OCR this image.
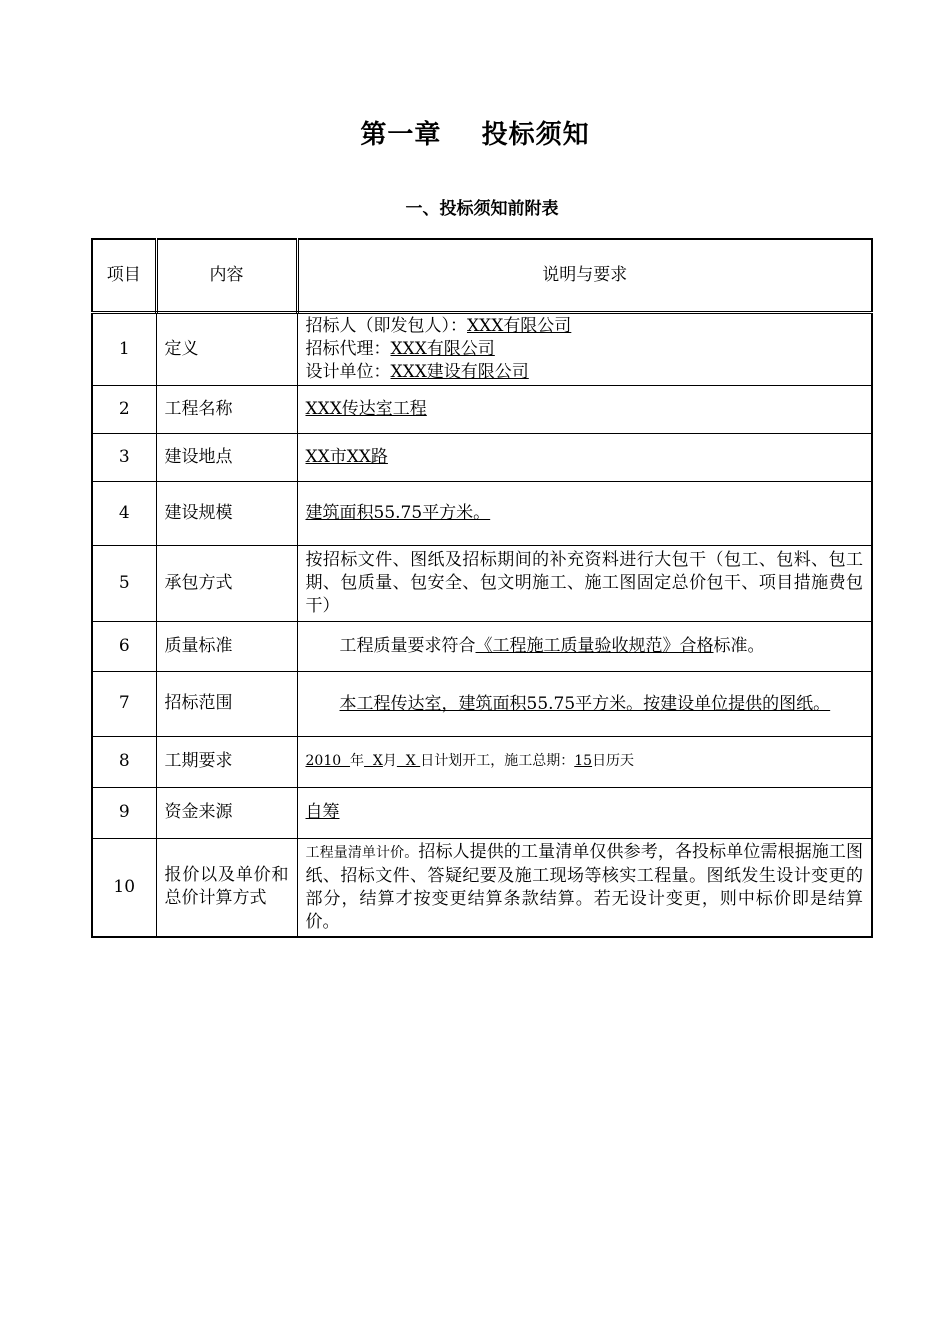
第一章    投标须知
一、投标须知前附表
项目	内容	说明与要求
1	定义	招标人（即发包人）：XXX有限公司
招标代理：XXX有限公司
设计单位：XXX建设有限公司

2	工程名称	XXX传达室工程
3	建设地点	XX市XX路
4	建设规模	建筑面积55.75平方米。
5	承包方式	按招标文件、图纸及招标期间的补充资料进行大包干（包工、包料、包工期、包质量、包安全、包文明施工、施工图固定总价包干、项目措施费包干）
6	质量标准	工程质量要求符合《工程施工质量验收规范》合格标准。
7	招标范围	本工程传达室，建筑面积55.75平方米。按建设单位提供的图纸。
8	工期要求	2010  年  X月  X 日计划开工，施工总期：15日历天
9	资金来源	自筹
10	报价以及单价和总价计算方式	工程量清单计价。招标人提供的工量清单仅供参考，各投标单位需根据施工图纸、招标文件、答疑纪要及施工现场等核实工程量。图纸发生设计变更的部分，结算才按变更结算条款结算。若无设计变更，则中标价即是结算价。
